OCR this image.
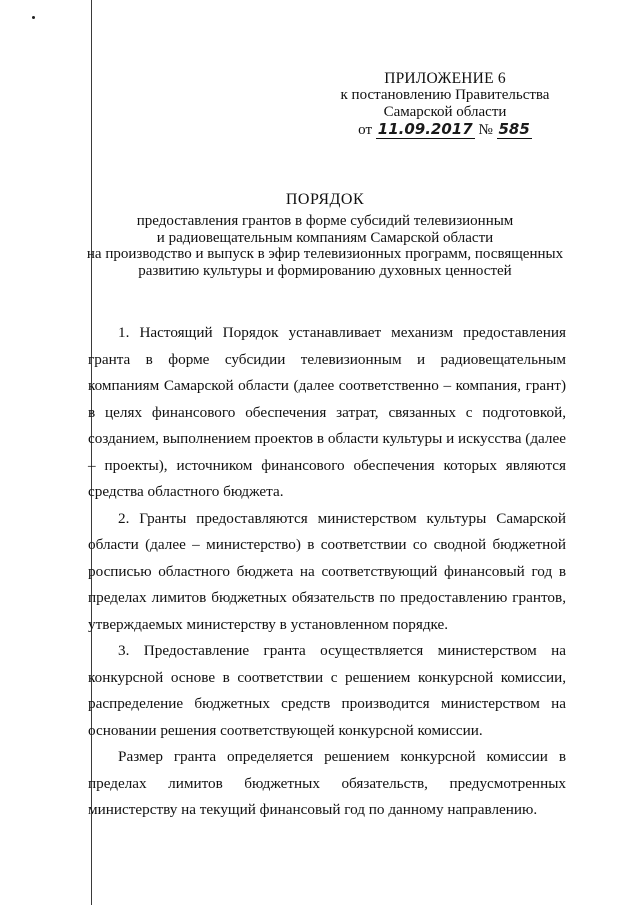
ПРИЛОЖЕНИЕ 6
к постановлению Правительства
Самарской области
от 11.09.2017 № 585
ПОРЯДОК
предоставления грантов в форме субсидий телевизионным
и радиовещательным компаниям Самарской области
на производство и выпуск в эфир телевизионных программ, посвященных
развитию культуры и формированию духовных ценностей

1. Настоящий Порядок устанавливает механизм предоставления гранта в форме субсидии телевизионным и радиовещательным компаниям Самарской области (далее соответственно – компания, грант) в целях финансового обеспечения затрат, связанных с подготовкой, созданием, выполнением проектов в области культуры и искусства (далее – проекты), источником финансового обеспечения которых являются средства областного бюджета.

2. Гранты предоставляются министерством культуры Самарской области (далее – министерство) в соответствии со сводной бюджетной росписью областного бюджета на соответствующий финансовый год в пределах лимитов бюджетных обязательств по предоставлению грантов, утверждаемых министерству в установленном порядке.

3. Предоставление гранта осуществляется министерством на конкурсной основе в соответствии с решением конкурсной комиссии, распределение бюджетных средств производится министерством на основании решения соответствующей конкурсной комиссии.

Размер гранта определяется решением конкурсной комиссии в пределах лимитов бюджетных обязательств, предусмотренных министерству на текущий финансовый год по данному направлению.
